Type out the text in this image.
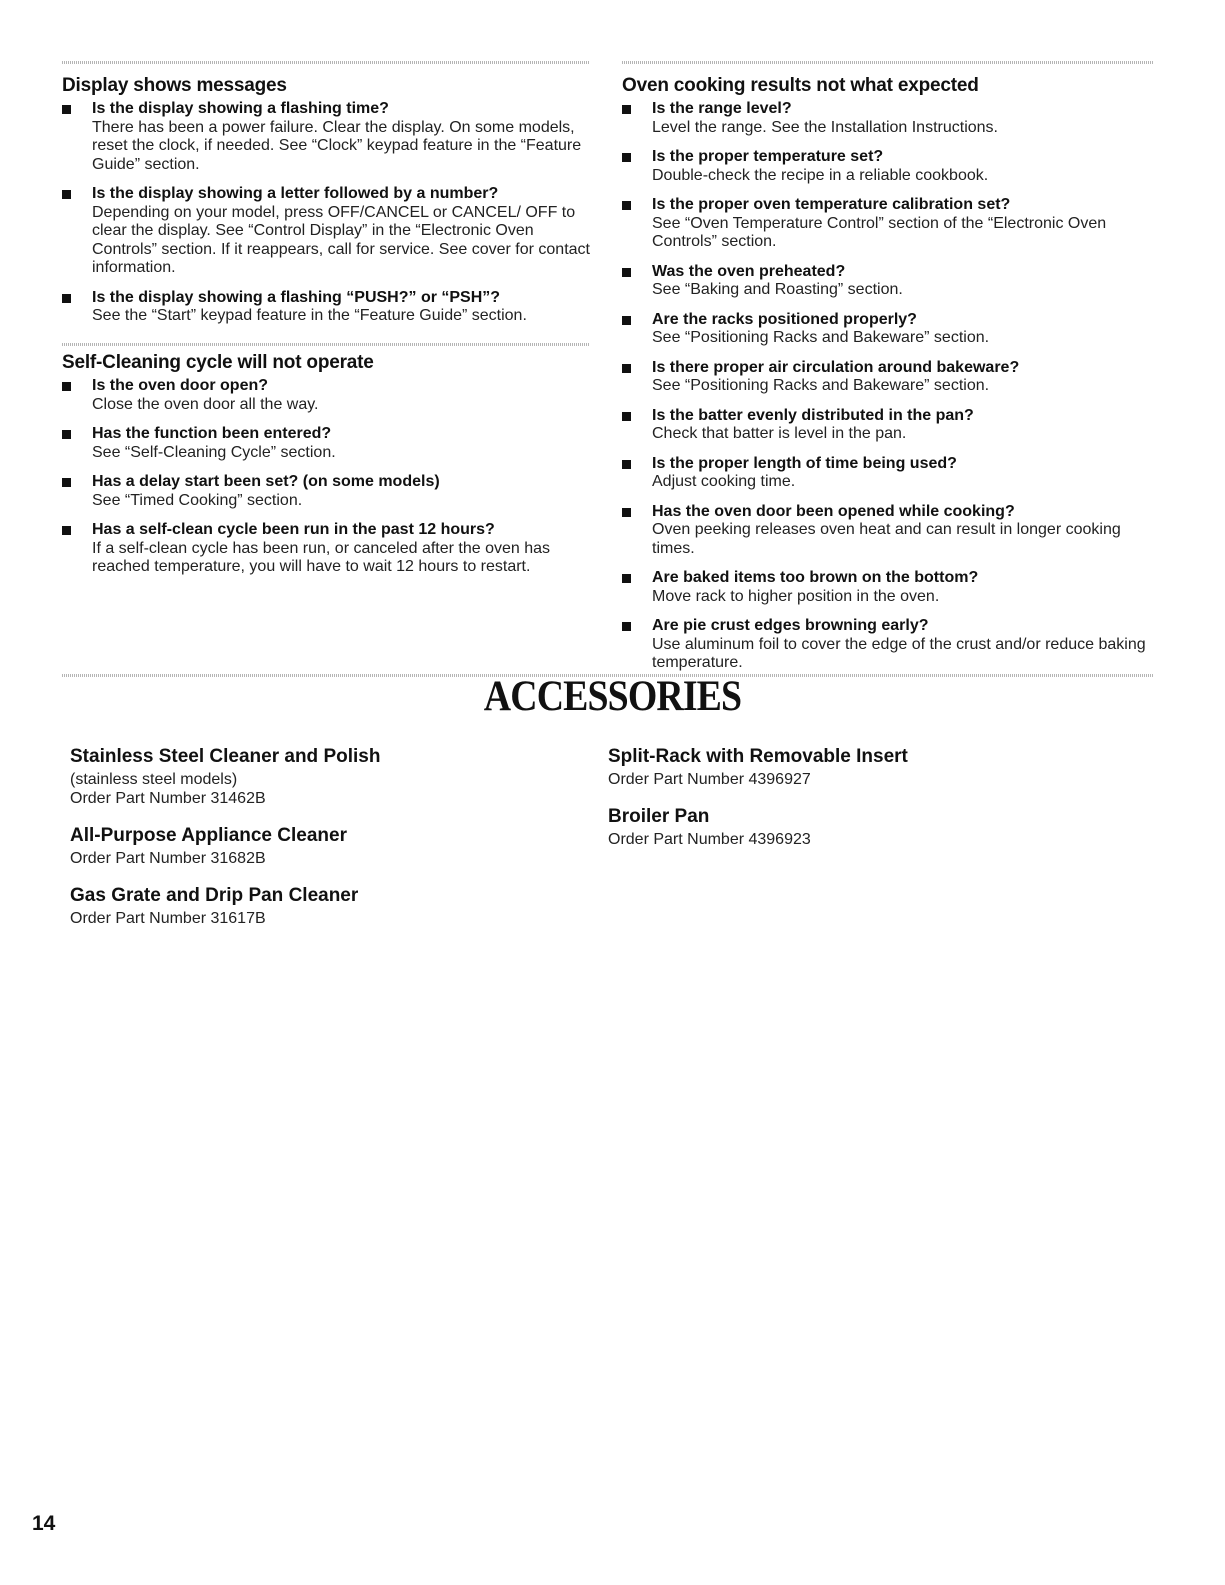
Display shows messages
Is the display showing a flashing time?
There has been a power failure. Clear the display. On some models, reset the clock, if needed. See “Clock” keypad feature in the “Feature Guide” section.
Is the display showing a letter followed by a number?
Depending on your model, press OFF/CANCEL or CANCEL/ OFF to clear the display. See “Control Display” in the “Electronic Oven Controls” section. If it reappears, call for service. See cover for contact information.
Is the display showing a flashing “PUSH?” or “PSH”?
See the “Start” keypad feature in the “Feature Guide” section.
Self-Cleaning cycle will not operate
Is the oven door open?
Close the oven door all the way.
Has the function been entered?
See “Self-Cleaning Cycle” section.
Has a delay start been set? (on some models)
See “Timed Cooking” section.
Has a self-clean cycle been run in the past 12 hours?
If a self-clean cycle has been run, or canceled after the oven has reached temperature, you will have to wait 12 hours to restart.
Oven cooking results not what expected
Is the range level?
Level the range. See the Installation Instructions.
Is the proper temperature set?
Double-check the recipe in a reliable cookbook.
Is the proper oven temperature calibration set?
See “Oven Temperature Control” section of the “Electronic Oven Controls” section.
Was the oven preheated?
See “Baking and Roasting” section.
Are the racks positioned properly?
See “Positioning Racks and Bakeware” section.
Is there proper air circulation around bakeware?
See “Positioning Racks and Bakeware” section.
Is the batter evenly distributed in the pan?
Check that batter is level in the pan.
Is the proper length of time being used?
Adjust cooking time.
Has the oven door been opened while cooking?
Oven peeking releases oven heat and can result in longer cooking times.
Are baked items too brown on the bottom?
Move rack to higher position in the oven.
Are pie crust edges browning early?
Use aluminum foil to cover the edge of the crust and/or reduce baking temperature.
ACCESSORIES
Stainless Steel Cleaner and Polish
(stainless steel models)
Order Part Number 31462B
All-Purpose Appliance Cleaner
Order Part Number 31682B
Gas Grate and Drip Pan Cleaner
Order Part Number 31617B
Split-Rack with Removable Insert
Order Part Number 4396927
Broiler Pan
Order Part Number 4396923
14
